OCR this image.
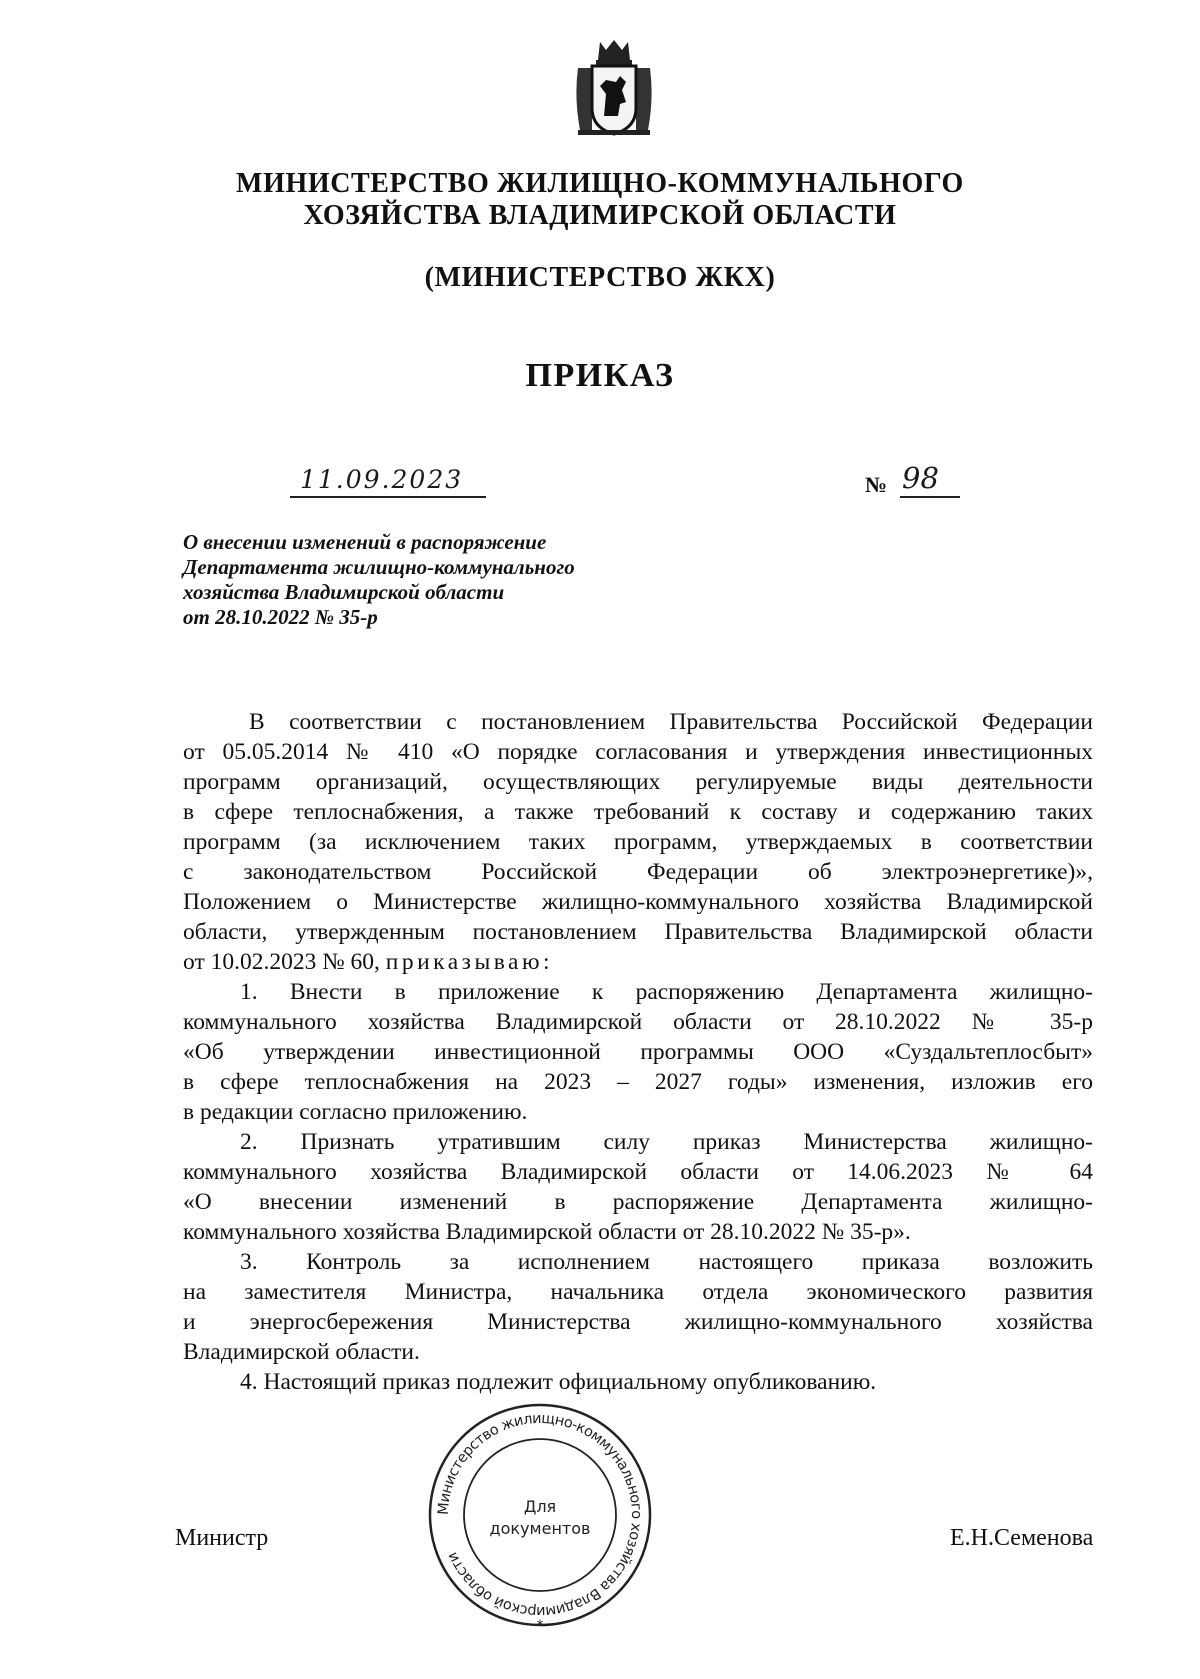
МИНИСТЕРСТВО ЖИЛИЩНО-КОММУНАЛЬНОГО
ХОЗЯЙСТВА ВЛАДИМИРСКОЙ ОБЛАСТИ
(МИНИСТЕРСТВО ЖКХ)
ПРИКАЗ
11.09.2023	№ 98
О внесении изменений в распоряжение
Департамента жилищно-коммунального
хозяйства Владимирской области
от 28.10.2022 № 35-р
В соответствии с постановлением Правительства Российской Федерации
от 05.05.2014 № 410 «О порядке согласования и утверждения инвестиционных
программ организаций, осуществляющих регулируемые виды деятельности
в сфере теплоснабжения, а также требований к составу и содержанию таких
программ (за исключением таких программ, утверждаемых в соответствии
с законодательством Российской Федерации об электроэнергетике)»,
Положением о Министерстве жилищно-коммунального хозяйства Владимирской
области, утвержденным постановлением Правительства Владимирской области
от 10.02.2023 № 60, приказываю:
1. Внести в приложение к распоряжению Департамента жилищно-
коммунального хозяйства Владимирской области от 28.10.2022 № 35-р
«Об утверждении инвестиционной программы ООО «Суздальтеплосбыт»
в сфере теплоснабжения на 2023 – 2027 годы» изменения, изложив его
в редакции согласно приложению.
2. Признать утратившим силу приказ Министерства жилищно-
коммунального хозяйства Владимирской области от 14.06.2023 № 64
«О внесении изменений в распоряжение Департамента жилищно-
коммунального хозяйства Владимирской области от 28.10.2022 № 35-р».
3. Контроль за исполнением настоящего приказа возложить
на заместителя Министра, начальника отдела экономического развития
и энергосбережения Министерства жилищно-коммунального хозяйства
Владимирской области.
4. Настоящий приказ подлежит официальному опубликованию.
Министр	Е.Н.Семенова
Министерство жилищно-коммунального хозяйства Владимирской области
*
Для
документов
